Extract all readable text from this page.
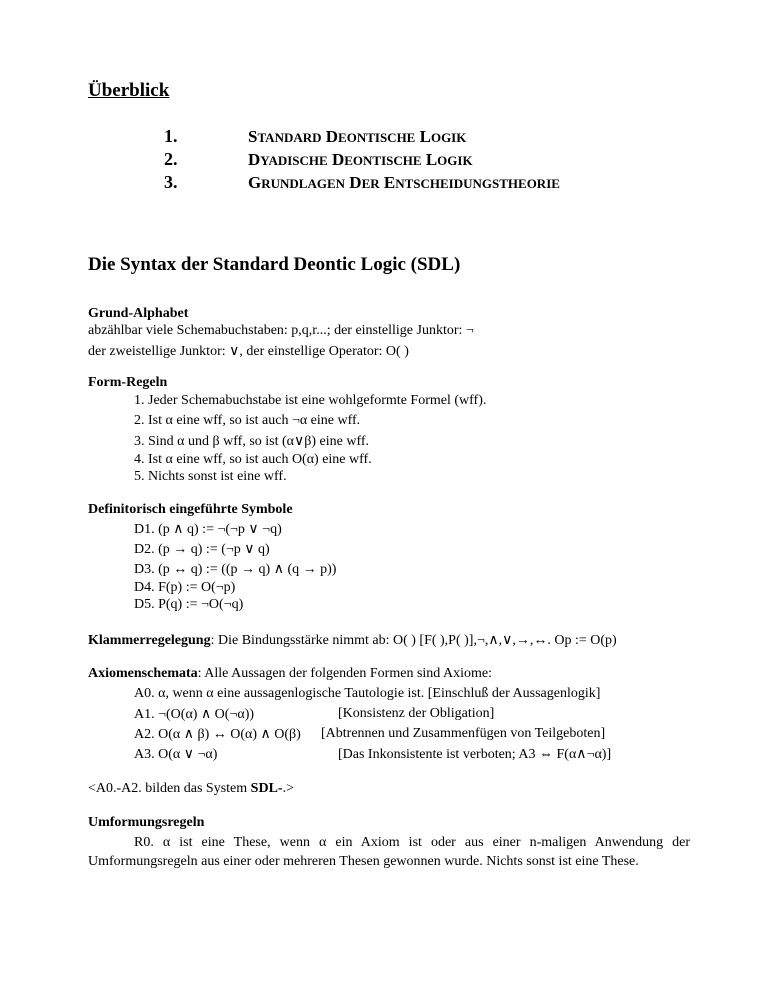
Überblick
1.	STANDARD DEONTISCHE LOGIK
2.	DYADISCHE DEONTISCHE LOGIK
3.	GRUNDLAGEN DER ENTSCHEIDUNGSTHEORIE
Die Syntax der Standard Deontic Logic (SDL)
Grund-Alphabet
abzählbar viele Schemabuchstaben: p,q,r...; der einstellige Junktor: ¬
der zweistellige Junktor: ∨, der einstellige Operator: O( )
Form-Regeln
1. Jeder Schemabuchstabe ist eine wohlgeformte Formel (wff).
2. Ist α eine wff, so ist auch ¬α eine wff.
3. Sind α und β wff, so ist (α∨β) eine wff.
4. Ist α eine wff, so ist auch O(α) eine wff.
5. Nichts sonst ist eine wff.
Definitorisch eingeführte Symbole
D1. (p ∧ q) := ¬(¬p ∨ ¬q)
D2. (p → q) := (¬p ∨ q)
D3. (p ↔ q) := ((p → q) ∧ (q → p))
D4. F(p) := O(¬p)
D5. P(q) := ¬O(¬q)
Klammerregelegung: Die Bindungsstärke nimmt ab: O( ) [F( ),P( )],¬,∧,∨,→,↔. Op := O(p)
Axiomenschemata: Alle Aussagen der folgenden Formen sind Axiome:
A0. α, wenn α eine aussagenlogische Tautologie ist. [Einschluß der Aussagenlogik]
A1. ¬(O(α) ∧ O(¬α))	[Konsistenz der Obligation]
A2. O(α ∧ β) ↔ O(α) ∧ O(β) [Abtrennen und Zusammenfügen von Teilgeboten]
A3. O(α ∨ ¬α)	[Das Inkonsistente ist verboten; A3 ⇔ F(α∧¬α)]
<A0.-A2. bilden das System SDL-.>
Umformungsregeln
R0. α ist eine These, wenn α ein Axiom ist oder aus einer n-maligen Anwendung der Umformungsregeln aus einer oder mehreren Thesen gewonnen wurde. Nichts sonst ist eine These.
